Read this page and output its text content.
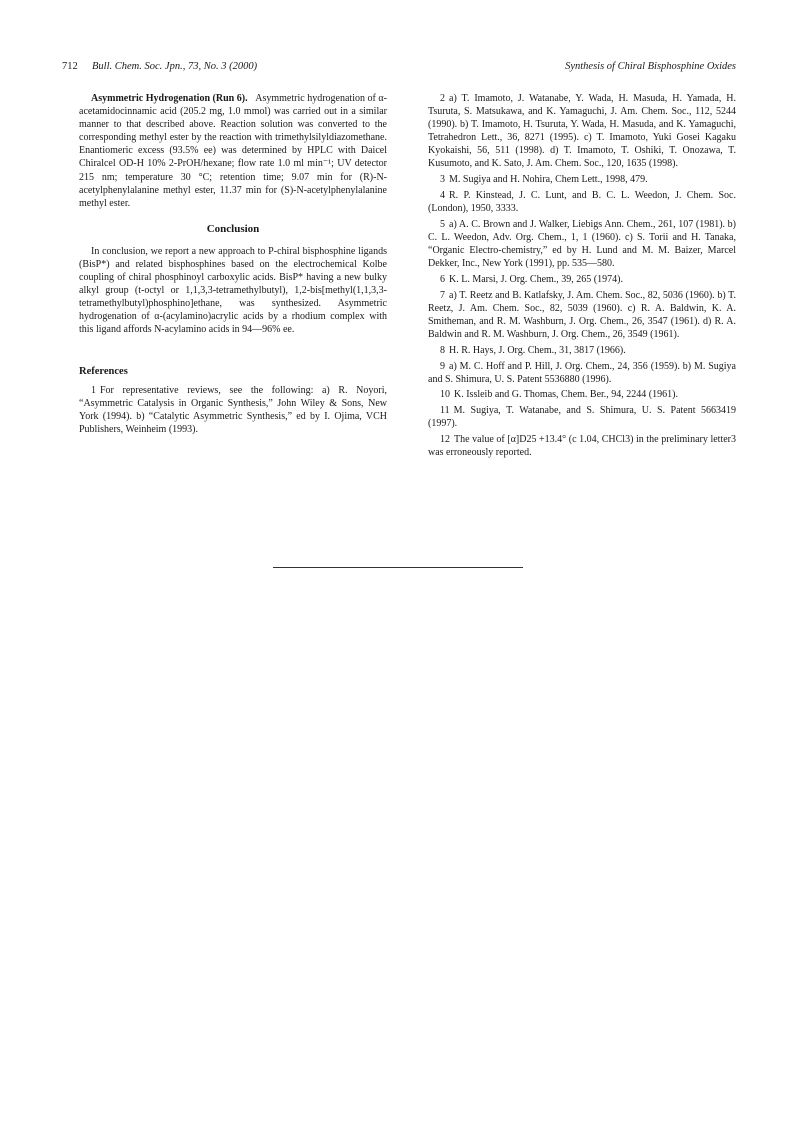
712 Bull. Chem. Soc. Jpn., 73, No. 3 (2000)	Synthesis of Chiral Bisphosphine Oxides

Asymmetric Hydrogenation (Run 6). Asymmetric hydrogenation of α-acetamidocinnamic acid (205.2 mg, 1.0 mmol) was carried out in a similar manner to that described above. Reaction solution was converted to the corresponding methyl ester by the reaction with trimethylsilyldiazomethane. Enantiomeric excess (93.5% ee) was determined by HPLC with Daicel Chiralcel OD-H 10% 2-PrOH/hexane; flow rate 1.0 ml min⁻¹; UV detector 215 nm; temperature 30 °C; retention time; 9.07 min for (R)-N-acetylphenylalanine methyl ester, 11.37 min for (S)-N-acetylphenylalanine methyl ester.

Conclusion

In conclusion, we report a new approach to P-chiral bisphosphine ligands (BisP*) and related bisphosphines based on the electrochemical Kolbe coupling of chiral phosphinoyl carboxylic acids. BisP* having a new bulky alkyl group (t-octyl or 1,1,3,3-tetramethylbutyl), 1,2-bis[methyl(1,1,3,3-tetramethylbutyl)phosphino]ethane, was synthesized. Asymmetric hydrogenation of α-(acylamino)acrylic acids by a rhodium complex with this ligand affords N-acylamino acids in 94—96% ee.

References

1 For representative reviews, see the following: a) R. Noyori, “Asymmetric Catalysis in Organic Synthesis,” John Wiley & Sons, New York (1994). b) “Catalytic Asymmetric Synthesis,” ed by I. Ojima, VCH Publishers, Weinheim (1993).

2 a) T. Imamoto, J. Watanabe, Y. Wada, H. Masuda, H. Yamada, H. Tsuruta, S. Matsukawa, and K. Yamaguchi, J. Am. Chem. Soc., 112, 5244 (1990). b) T. Imamoto, H. Tsuruta, Y. Wada, H. Masuda, and K. Yamaguchi, Tetrahedron Lett., 36, 8271 (1995). c) T. Imamoto, Yuki Gosei Kagaku Kyokaishi, 56, 511 (1998). d) T. Imamoto, T. Oshiki, T. Onozawa, T. Kusumoto, and K. Sato, J. Am. Chem. Soc., 120, 1635 (1998).

3 M. Sugiya and H. Nohira, Chem Lett., 1998, 479.

4 R. P. Kinstead, J. C. Lunt, and B. C. L. Weedon, J. Chem. Soc. (London), 1950, 3333.

5 a) A. C. Brown and J. Walker, Liebigs Ann. Chem., 261, 107 (1981). b) C. L. Weedon, Adv. Org. Chem., 1, 1 (1960). c) S. Torii and H. Tanaka, “Organic Electro-chemistry,” ed by H. Lund and M. M. Baizer, Marcel Dekker, Inc., New York (1991), pp. 535—580.

6 K. L. Marsi, J. Org. Chem., 39, 265 (1974).

7 a) T. Reetz and B. Katlafsky, J. Am. Chem. Soc., 82, 5036 (1960). b) T. Reetz, J. Am. Chem. Soc., 82, 5039 (1960). c) R. A. Baldwin, K. A. Smitheman, and R. M. Washburn, J. Org. Chem., 26, 3547 (1961). d) R. A. Baldwin and R. M. Washburn, J. Org. Chem., 26, 3549 (1961).

8 H. R. Hays, J. Org. Chem., 31, 3817 (1966).

9 a) M. C. Hoff and P. Hill, J. Org. Chem., 24, 356 (1959). b) M. Sugiya and S. Shimura, U. S. Patent 5536880 (1996).

10 K. Issleib and G. Thomas, Chem. Ber., 94, 2244 (1961).

11 M. Sugiya, T. Watanabe, and S. Shimura, U. S. Patent 5663419 (1997).

12 The value of [α]D25 +13.4° (c 1.04, CHCl3) in the preliminary letter3 was erroneously reported.
